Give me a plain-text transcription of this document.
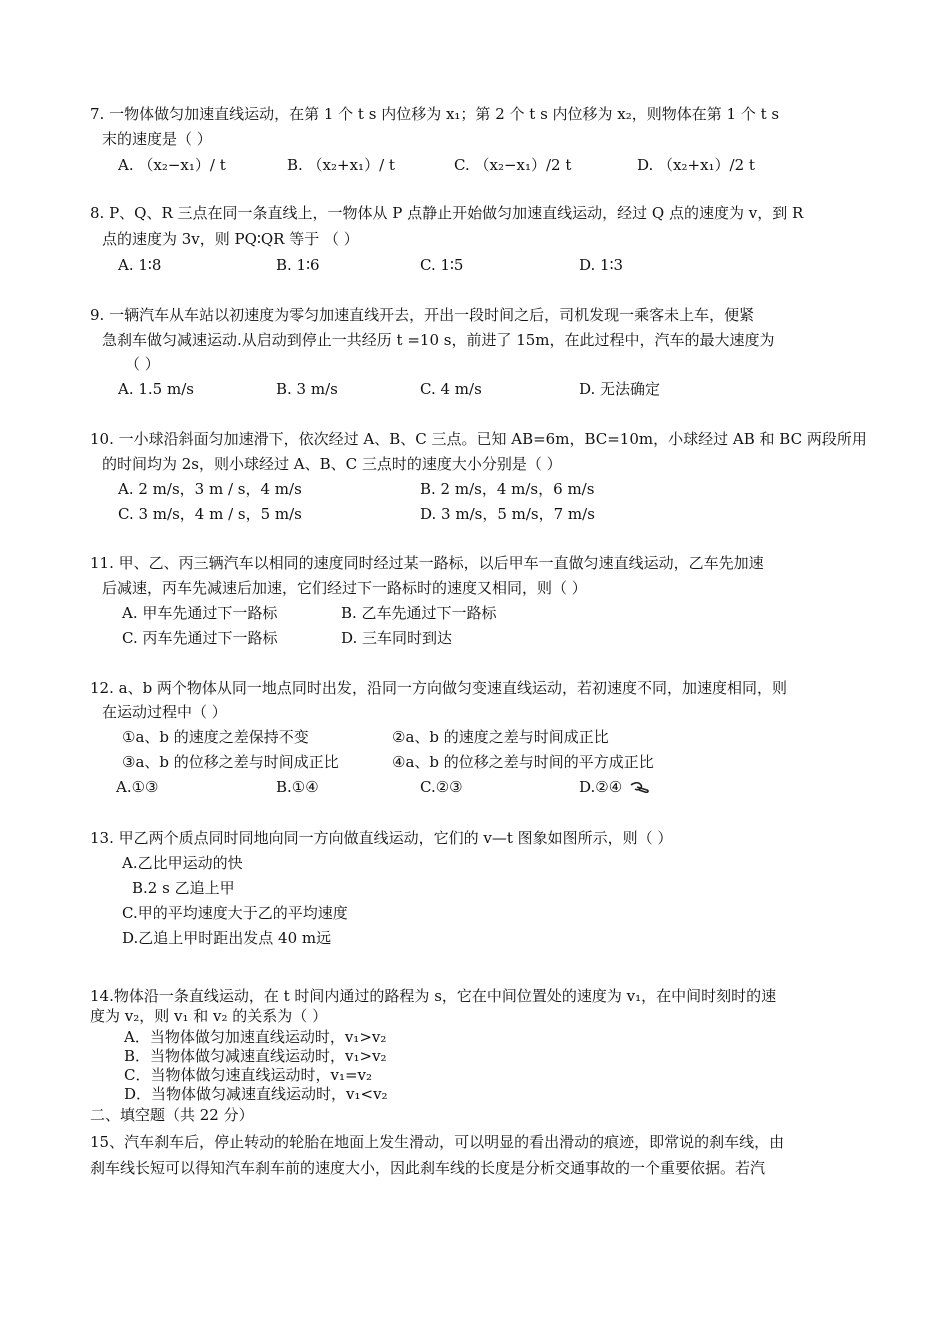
7. 一物体做匀加速直线运动，在第 1 个 t s 内位移为 x₁；第 2 个 t s 内位移为 x₂，则物体在第 1 个 t s
末的速度是（ ）
A. （x₂−x₁）/ t	B. （x₂+x₁）/ t	C. （x₂−x₁）/2 t	D. （x₂+x₁）/2 t
8. P、Q、R 三点在同一条直线上，一物体从 P 点静止开始做匀加速直线运动，经过 Q 点的速度为 v，到 R
点的速度为 3v，则 PQ∶QR 等于 （ ）
A. 1∶8	B. 1∶6	C. 1∶5	D. 1∶3
9. 一辆汽车从车站以初速度为零匀加速直线开去，开出一段时间之后，司机发现一乘客未上车，便紧
急刹车做匀减速运动.从启动到停止一共经历 t =10 s，前进了 15m，在此过程中，汽车的最大速度为
（ ）
A. 1.5 m/s	B. 3 m/s	C. 4 m/s	D. 无法确定
10. 一小球沿斜面匀加速滑下，依次经过 A、B、C 三点。已知 AB=6m，BC=10m，小球经过 AB 和 BC 两段所用
的时间均为 2s，则小球经过 A、B、C 三点时的速度大小分别是（ ）
A. 2 m/s，3 m / s，4 m/s	B. 2 m/s，4 m/s，6 m/s
C. 3 m/s，4 m / s，5 m/s	D. 3 m/s，5 m/s，7 m/s
11. 甲、乙、丙三辆汽车以相同的速度同时经过某一路标，以后甲车一直做匀速直线运动，乙车先加速
后减速，丙车先减速后加速，它们经过下一路标时的速度又相同，则（ ）
A. 甲车先通过下一路标	B. 乙车先通过下一路标
C. 丙车先通过下一路标	D. 三车同时到达
12. a、b 两个物体从同一地点同时出发，沿同一方向做匀变速直线运动，若初速度不同，加速度相同，则
在运动过程中（ ）
①a、b 的速度之差保持不变	②a、b 的速度之差与时间成正比
③a、b 的位移之差与时间成正比	④a、b 的位移之差与时间的平方成正比
A.①③	B.①④	C.②③	D.②④
13. 甲乙两个质点同时同地向同一方向做直线运动，它们的 v—t 图象如图所示，则（ ）
A.乙比甲运动的快
B.2 s 乙追上甲
C.甲的平均速度大于乙的平均速度
D.乙追上甲时距出发点 40 m远
14.物体沿一条直线运动，在 t 时间内通过的路程为 s，它在中间位置处的速度为 v₁，在中间时刻时的速
度为 v₂，则 v₁ 和 v₂ 的关系为（ ）
A．当物体做匀加速直线运动时，v₁>v₂
B．当物体做匀减速直线运动时，v₁>v₂
C．当物体做匀速直线运动时，v₁=v₂
D．当物体做匀减速直线运动时，v₁<v₂
二、填空题（共 22 分）
15、汽车刹车后，停止转动的轮胎在地面上发生滑动，可以明显的看出滑动的痕迹，即常说的刹车线，由
刹车线长短可以得知汽车刹车前的速度大小，因此刹车线的长度是分析交通事故的一个重要依据。若汽
